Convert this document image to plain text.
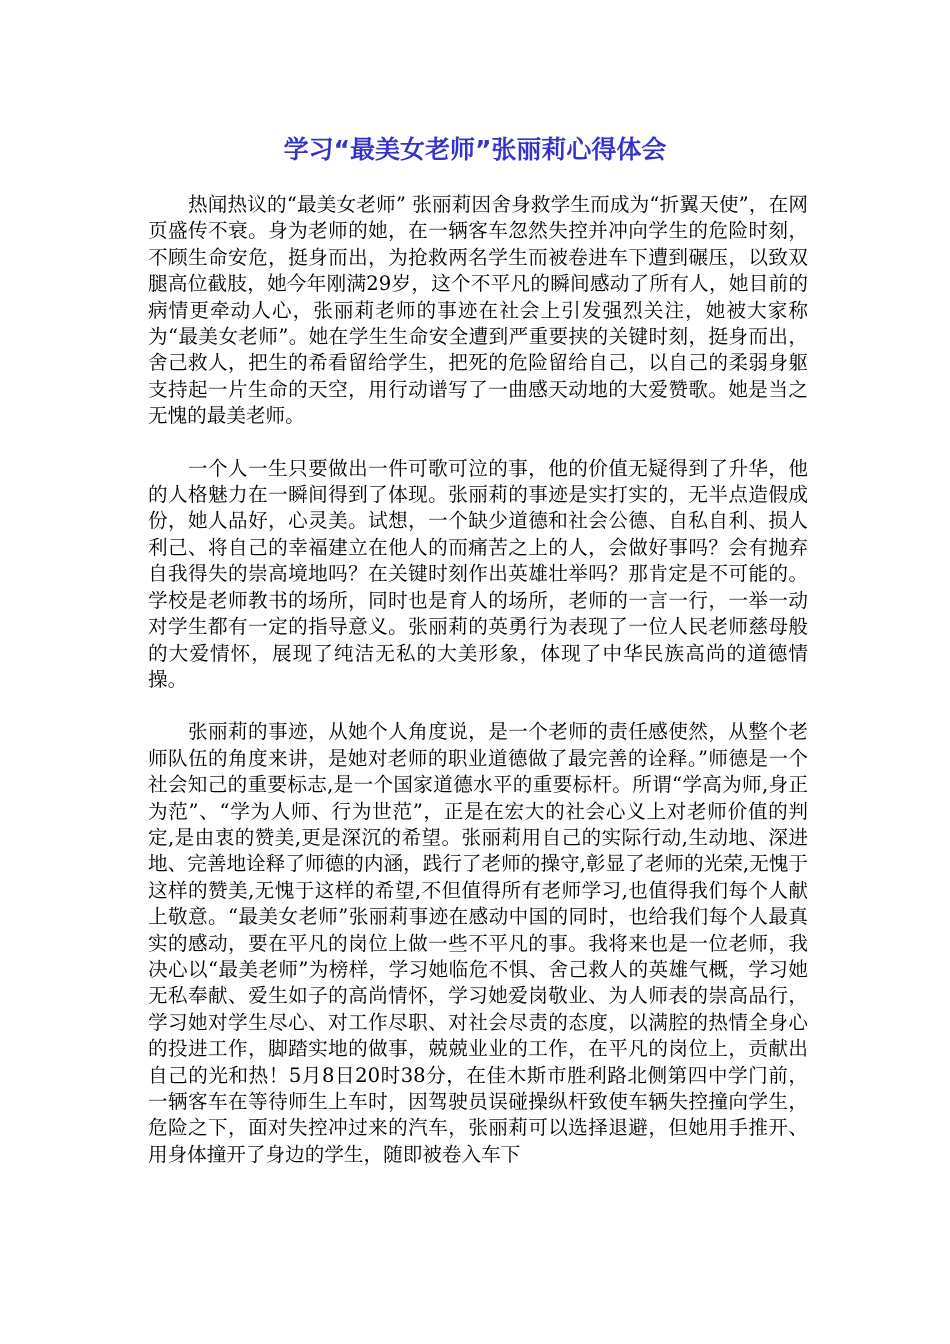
学习“最美女老师”张丽莉心得体会

热闻热议的“最美女老师” 张丽莉因舍身救学生而成为“折翼天使”，在网页盛传不衰。身为老师的她，在一辆客车忽然失控并冲向学生的危险时刻，不顾生命安危，挺身而出，为抢救两名学生而被卷进车下遭到碾压，以致双腿高位截肢，她今年刚满29岁，这个不平凡的瞬间感动了所有人，她目前的病情更牵动人心，张丽莉老师的事迹在社会上引发强烈关注，她被大家称为“最美女老师”。她在学生生命安全遭到严重要挟的关键时刻，挺身而出，舍己救人，把生的希看留给学生，把死的危险留给自己，以自己的柔弱身躯支持起一片生命的天空，用行动谱写了一曲感天动地的大爱赞歌。她是当之无愧的最美老师。

一个人一生只要做出一件可歌可泣的事，他的价值无疑得到了升华，他的人格魅力在一瞬间得到了体现。张丽莉的事迹是实打实的，无半点造假成份，她人品好，心灵美。试想，一个缺少道德和社会公德、自私自利、损人利己、将自己的幸福建立在他人的而痛苦之上的人，会做好事吗？会有抛弃自我得失的崇高境地吗？在关键时刻作出英雄壮举吗？那肯定是不可能的。学校是老师教书的场所，同时也是育人的场所，老师的一言一行，一举一动对学生都有一定的指导意义。张丽莉的英勇行为表现了一位人民老师慈母般的大爱情怀，展现了纯洁无私的大美形象，体现了中华民族高尚的道德情操。

张丽莉的事迹，从她个人角度说，是一个老师的责任感使然，从整个老师队伍的角度来讲，是她对老师的职业道德做了最完善的诠释。”师德是一个社会知己的重要标志,是一个国家道德水平的重要标杆。所谓“学高为师,身正为范”、“学为人师、行为世范”，正是在宏大的社会心义上对老师价值的判定,是由衷的赞美,更是深沉的希望。张丽莉用自己的实际行动,生动地、深进地、完善地诠释了师德的内涵，践行了老师的操守,彰显了老师的光荣,无愧于这样的赞美,无愧于这样的希望,不但值得所有老师学习,也值得我们每个人献上敬意。“最美女老师”张丽莉事迹在感动中国的同时，也给我们每个人最真实的感动，要在平凡的岗位上做一些不平凡的事。我将来也是一位老师，我决心以“最美老师”为榜样，学习她临危不惧、舍己救人的英雄气概，学习她无私奉献、爱生如子的高尚情怀，学习她爱岗敬业、为人师表的崇高品行，学习她对学生尽心、对工作尽职、对社会尽责的态度，以满腔的热情全身心的投进工作，脚踏实地的做事，兢兢业业的工作，在平凡的岗位上，贡献出自己的光和热！5月8日20时38分，在佳木斯市胜利路北侧第四中学门前，一辆客车在等待师生上车时，因驾驶员误碰操纵杆致使车辆失控撞向学生，危险之下，面对失控冲过来的汽车，张丽莉可以选择退避，但她用手推开、用身体撞开了身边的学生，随即被卷入车下
